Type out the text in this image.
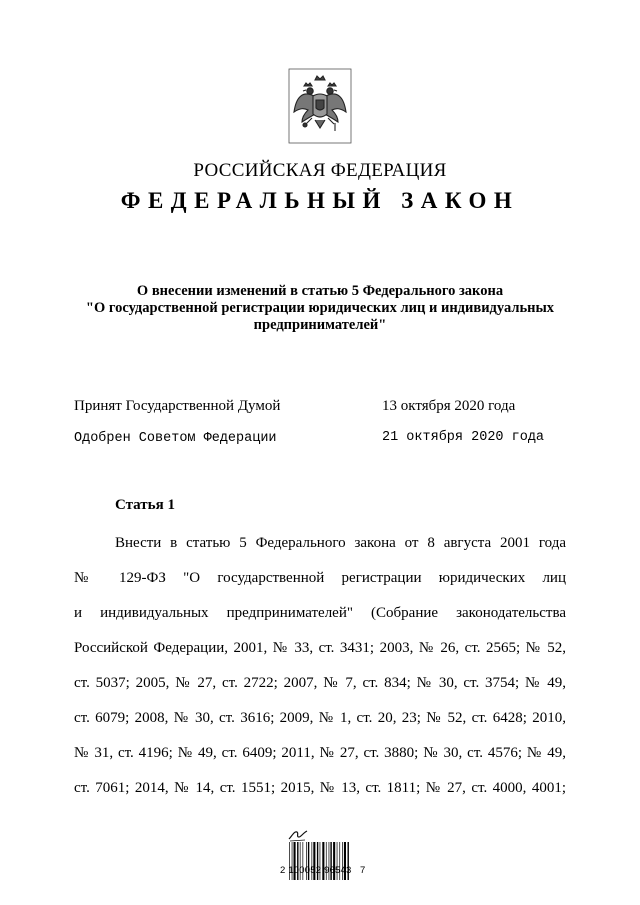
РОССИЙСКАЯ ФЕДЕРАЦИЯ
ФЕДЕРАЛЬНЫЙ ЗАКОН
О внесении изменений в статью 5 Федерального закона
"О государственной регистрации юридических лиц и индивидуальных
предпринимателей"
Принят Государственной Думой	13 октября 2020 года
Одобрен Советом Федерации	21 октября 2020 года
Статья 1
Внести в статью 5 Федерального закона от 8 августа 2001 года
№ 129-ФЗ "О государственной регистрации юридических лиц
и индивидуальных предпринимателей" (Собрание законодательства
Российской Федерации, 2001, № 33, ст. 3431; 2003, № 26, ст. 2565; № 52,
ст. 5037; 2005, № 27, ст. 2722; 2007, № 7, ст. 834; № 30, ст. 3754; № 49,
ст. 6079; 2008, № 30, ст. 3616; 2009, № 1, ст. 20, 23; № 52, ст. 6428; 2010,
№ 31, ст. 4196; № 49, ст. 6409; 2011, № 27, ст. 3880; № 30, ст. 4576; № 49,
ст. 7061; 2014, № 14, ст. 1551; 2015, № 13, ст. 1811; № 27, ст. 4000, 4001;
2 100052 96543   7
